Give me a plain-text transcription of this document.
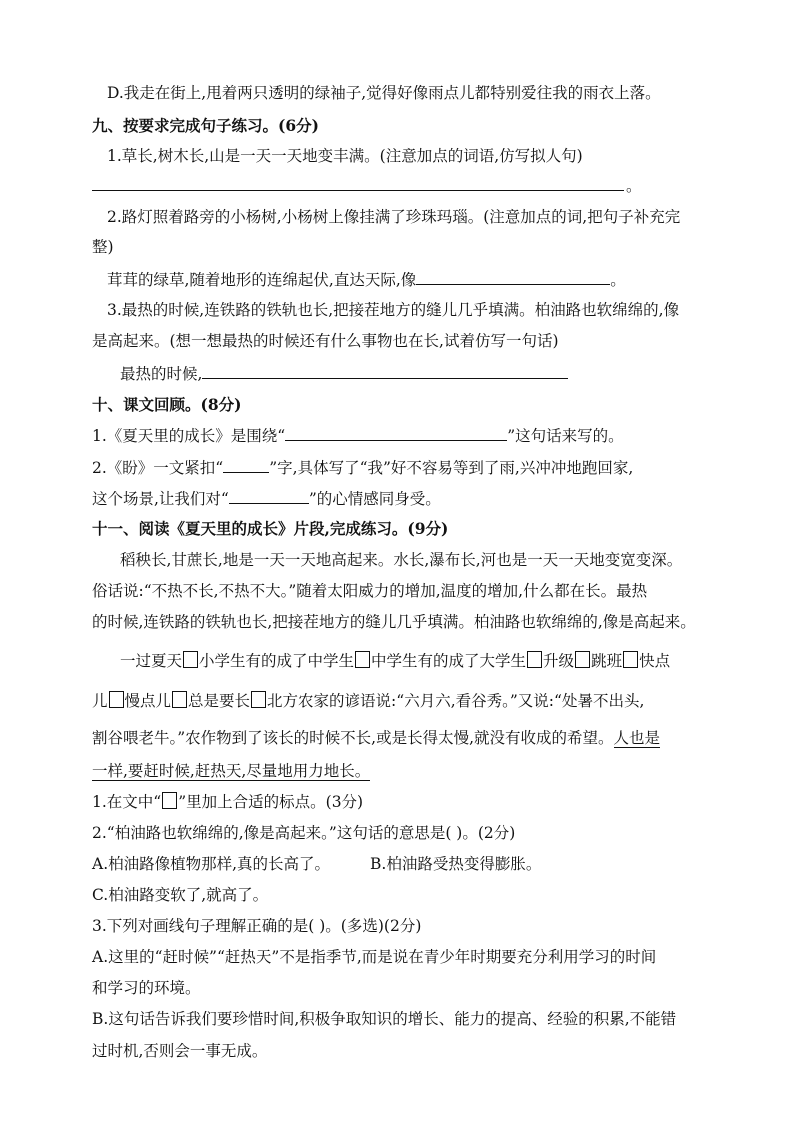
D.我走在街上,甩着两只透明的绿袖子,觉得好像雨点儿都特别爱往我的雨衣上落。
九、按要求完成句子练习。(6分)
1.草长,树木长,山是一天一天地变丰满。(注意加点的词语,仿写拟人句)
。
2.路灯照着路旁的小杨树,小杨树上像挂满了珍珠玛瑙。(注意加点的词,把句子补充完
整)
茸茸的绿草,随着地形的连绵起伏,直达天际,像	。
3.最热的时候,连铁路的铁轨也长,把接茬地方的缝儿几乎填满。柏油路也软绵绵的,像
是高起来。(想一想最热的时候还有什么事物也在长,试着仿写一句话)
最热的时候,
十、课文回顾。(8分)
1.《夏天里的成长》是围绕“	”这句话来写的。
2.《盼》一文紧扣“	”字,具体写了“我”好不容易等到了雨,兴冲冲地跑回家,
这个场景,让我们对“	”的心情感同身受。
十一、阅读《夏天里的成长》片段,完成练习。(9分)
稻秧长,甘蔗长,地是一天一天地高起来。水长,瀑布长,河也是一天一天地变宽变深。
俗话说:“不热不长,不热不大。”随着太阳威力的增加,温度的增加,什么都在长。最热
的时候,连铁路的铁轨也长,把接茬地方的缝儿几乎填满。柏油路也软绵绵的,像是高起来。
一过夏天 小学生有的成了中学生 中学生有的成了大学生 升级 跳班 快点
儿 慢点儿 总是要长 北方农家的谚语说:“六月六,看谷秀。”又说:“处暑不出头,
割谷喂老牛。”农作物到了该长的时候不长,或是长得太慢,就没有收成的希望。人也是
一样,要赶时候,赶热天,尽量地用力地长。
1.在文中“ ”里加上合适的标点。(3分)
2.“柏油路也软绵绵的,像是高起来。”这句话的意思是( )。(2分)
A.柏油路像植物那样,真的长高了。	B.柏油路受热变得膨胀。
C.柏油路变软了,就高了。
3.下列对画线句子理解正确的是( )。(多选)(2分)
A.这里的“赶时候”“赶热天”不是指季节,而是说在青少年时期要充分利用学习的时间
和学习的环境。
B.这句话告诉我们要珍惜时间,积极争取知识的增长、能力的提高、经验的积累,不能错
过时机,否则会一事无成。
